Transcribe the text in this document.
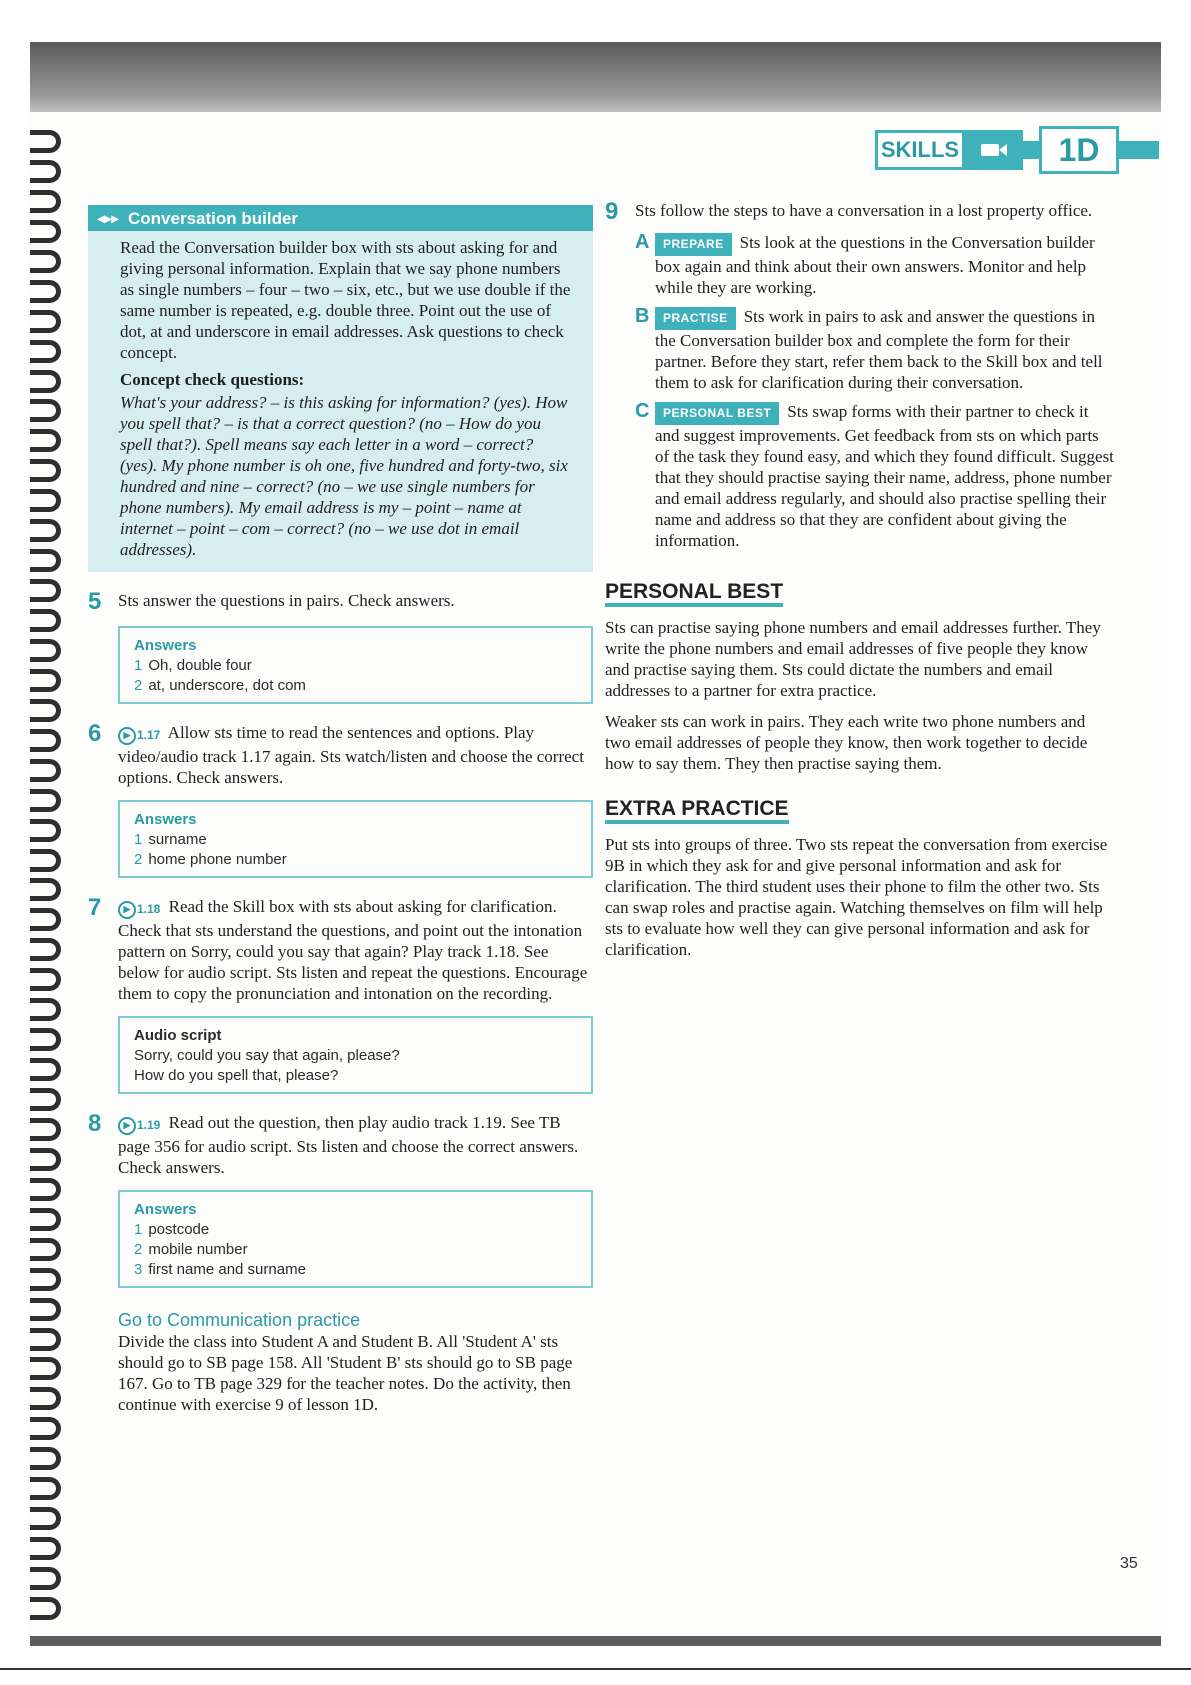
SKILLS	1D
◂▸▸ Conversation builder

Read the Conversation builder box with sts about asking for and giving personal information. Explain that we say phone numbers as single numbers – four – two – six, etc., but we use double if the same number is repeated, e.g. double three. Point out the use of dot, at and underscore in email addresses. Ask questions to check concept.

Concept check questions:

What's your address? – is this asking for information? (yes). How you spell that? – is that a correct question? (no – How do you spell that?). Spell means say each letter in a word – correct? (yes). My phone number is oh one, five hundred and forty-two, six hundred and nine – correct? (no – we use single numbers for phone numbers). My email address is my – point – name at internet – point – com – correct? (no – we use dot in email addresses).

5 Sts answer the questions in pairs. Check answers.
Answers
1 Oh, double four
2 at, underscore, dot com
6	▶ 1.17 Allow sts time to read the sentences and options. Play video/audio track 1.17 again. Sts watch/listen and choose the correct options. Check answers.
Answers
1 surname
2 home phone number
7	▶ 1.18 Read the Skill box with sts about asking for clarification. Check that sts understand the questions, and point out the intonation pattern on Sorry, could you say that again? Play track 1.18. See below for audio script. Sts listen and repeat the questions. Encourage them to copy the pronunciation and intonation on the recording.
Audio script
Sorry, could you say that again, please?
How do you spell that, please?
8	▶ 1.19 Read out the question, then play audio track 1.19. See TB page 356 for audio script. Sts listen and choose the correct answers. Check answers.
Answers
1 postcode
2 mobile number
3 first name and surname
Go to Communication practice
Divide the class into Student A and Student B. All 'Student A' sts should go to SB page 158. All 'Student B' sts should go to SB page 167. Go to TB page 329 for the teacher notes. Do the activity, then continue with exercise 9 of lesson 1D.
9 Sts follow the steps to have a conversation in a lost property office.
A	PREPARE Sts look at the questions in the Conversation builder box again and think about their own answers. Monitor and help while they are working.
B	PRACTISE Sts work in pairs to ask and answer the questions in the Conversation builder box and complete the form for their partner. Before they start, refer them back to the Skill box and tell them to ask for clarification during their conversation.
C	PERSONAL BEST Sts swap forms with their partner to check it and suggest improvements. Get feedback from sts on which parts of the task they found easy, and which they found difficult. Suggest that they should practise saying their name, address, phone number and email address regularly, and should also practise spelling their name and address so that they are confident about giving the information.
PERSONAL BEST

Sts can practise saying phone numbers and email addresses further. They write the phone numbers and email addresses of five people they know and practise saying them. Sts could dictate the numbers and email addresses to a partner for extra practice.

Weaker sts can work in pairs. They each write two phone numbers and two email addresses of people they know, then work together to decide how to say them. They then practise saying them.

EXTRA PRACTICE

Put sts into groups of three. Two sts repeat the conversation from exercise 9B in which they ask for and give personal information and ask for clarification. The third student uses their phone to film the other two. Sts can swap roles and practise again. Watching themselves on film will help sts to evaluate how well they can give personal information and ask for clarification.

35
